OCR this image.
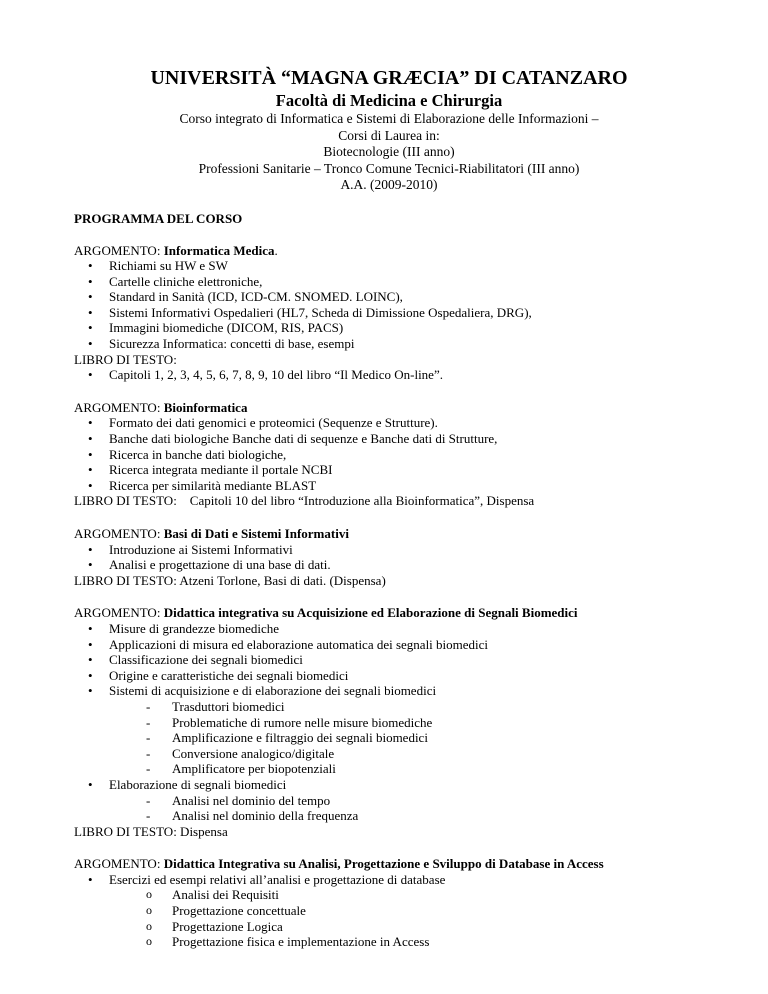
UNIVERSITÀ “MAGNA GRÆCIA” DI CATANZARO
Facoltà di Medicina e Chirurgia
Corso integrato di Informatica e Sistemi di Elaborazione delle Informazioni –
Corsi di Laurea in:
Biotecnologie (III anno)
Professioni Sanitarie – Tronco Comune Tecnici-Riabilitatori (III anno)
A.A. (2009-2010)
PROGRAMMA DEL CORSO
ARGOMENTO: Informatica Medica.
• Richiami su HW e SW
• Cartelle cliniche elettroniche,
• Standard in Sanità (ICD, ICD-CM. SNOMED. LOINC),
• Sistemi Informativi Ospedalieri (HL7, Scheda di Dimissione Ospedaliera, DRG),
• Immagini biomediche (DICOM, RIS, PACS)
• Sicurezza Informatica: concetti di base, esempi
LIBRO DI TESTO:
• Capitoli 1, 2, 3, 4, 5, 6, 7, 8, 9, 10 del libro “Il Medico On-line”.
ARGOMENTO: Bioinformatica
• Formato dei dati genomici e proteomici (Sequenze e Strutture).
• Banche dati biologiche Banche dati di sequenze e Banche dati di Strutture,
• Ricerca in banche dati biologiche,
• Ricerca integrata mediante il portale NCBI
• Ricerca per similarità mediante BLAST
LIBRO DI TESTO:    Capitoli 10 del libro “Introduzione alla Bioinformatica”, Dispensa
ARGOMENTO: Basi di Dati e Sistemi Informativi
• Introduzione ai Sistemi Informativi
• Analisi e progettazione di una base di dati.
LIBRO DI TESTO: Atzeni Torlone, Basi di dati. (Dispensa)
ARGOMENTO: Didattica integrativa su Acquisizione ed Elaborazione di Segnali Biomedici
• Misure di grandezze biomediche
• Applicazioni di misura ed elaborazione automatica dei segnali biomedici
• Classificazione dei segnali biomedici
• Origine e caratteristiche dei segnali biomedici
• Sistemi di acquisizione e di elaborazione dei segnali biomedici
- Trasduttori biomedici
- Problematiche di rumore nelle misure biomediche
- Amplificazione e filtraggio dei segnali biomedici
- Conversione analogico/digitale
- Amplificatore per biopotenziali
• Elaborazione di segnali biomedici
- Analisi nel dominio del tempo
- Analisi nel dominio della frequenza
LIBRO DI TESTO: Dispensa
ARGOMENTO: Didattica Integrativa su Analisi, Progettazione e Sviluppo di Database in Access
• Esercizi ed esempi relativi all’analisi e progettazione di database
o Analisi dei Requisiti
o Progettazione concettuale
o Progettazione Logica
o Progettazione fisica e implementazione in Access
